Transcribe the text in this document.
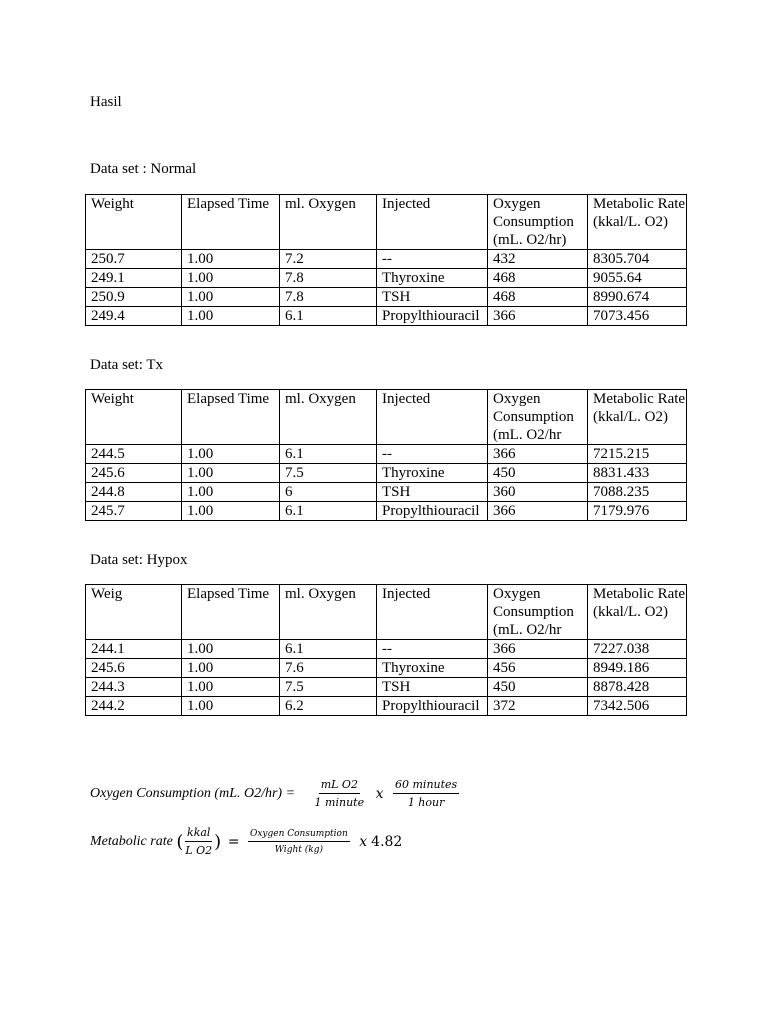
Hasil
Data set : Normal
Weight	Elapsed Time	ml. Oxygen	Injected	Oxygen Consumption (mL. O2/hr)	Metabolic Rate (kkal/L. O2)
250.7	1.00	7.2	--	432	8305.704
249.1	1.00	7.8	Thyroxine	468	9055.64
250.9	1.00	7.8	TSH	468	8990.674
249.4	1.00	6.1	Propylthiouracil	366	7073.456
Data set: Tx
Weight	Elapsed Time	ml. Oxygen	Injected	Oxygen Consumption (mL. O2/hr	Metabolic Rate (kkal/L. O2)
244.5	1.00	6.1	--	366	7215.215
245.6	1.00	7.5	Thyroxine	450	8831.433
244.8	1.00	6	TSH	360	7088.235
245.7	1.00	6.1	Propylthiouracil	366	7179.976
Data set: Hypox
Weig	Elapsed Time	ml. Oxygen	Injected	Oxygen Consumption (mL. O2/hr	Metabolic Rate (kkal/L. O2)
244.1	1.00	6.1	--	366	7227.038
245.6	1.00	7.6	Thyroxine	456	8949.186
244.3	1.00	7.5	TSH	450	8878.428
244.2	1.00	6.2	Propylthiouracil	372	7342.506
Oxygen Consumption (mL. $O2/hr) = \frac{\text{mL O2}}{\text{1 minute}}$ x $\frac{\text{60 minutes}}{\text{1 hour}}$
Metabolic rate ( $\frac{\text{kkal}}{\text{L O2}}$ ) = $\frac{\text{Oxygen Consumption}}{\text{Wight (kg)}}$ x 4.82
